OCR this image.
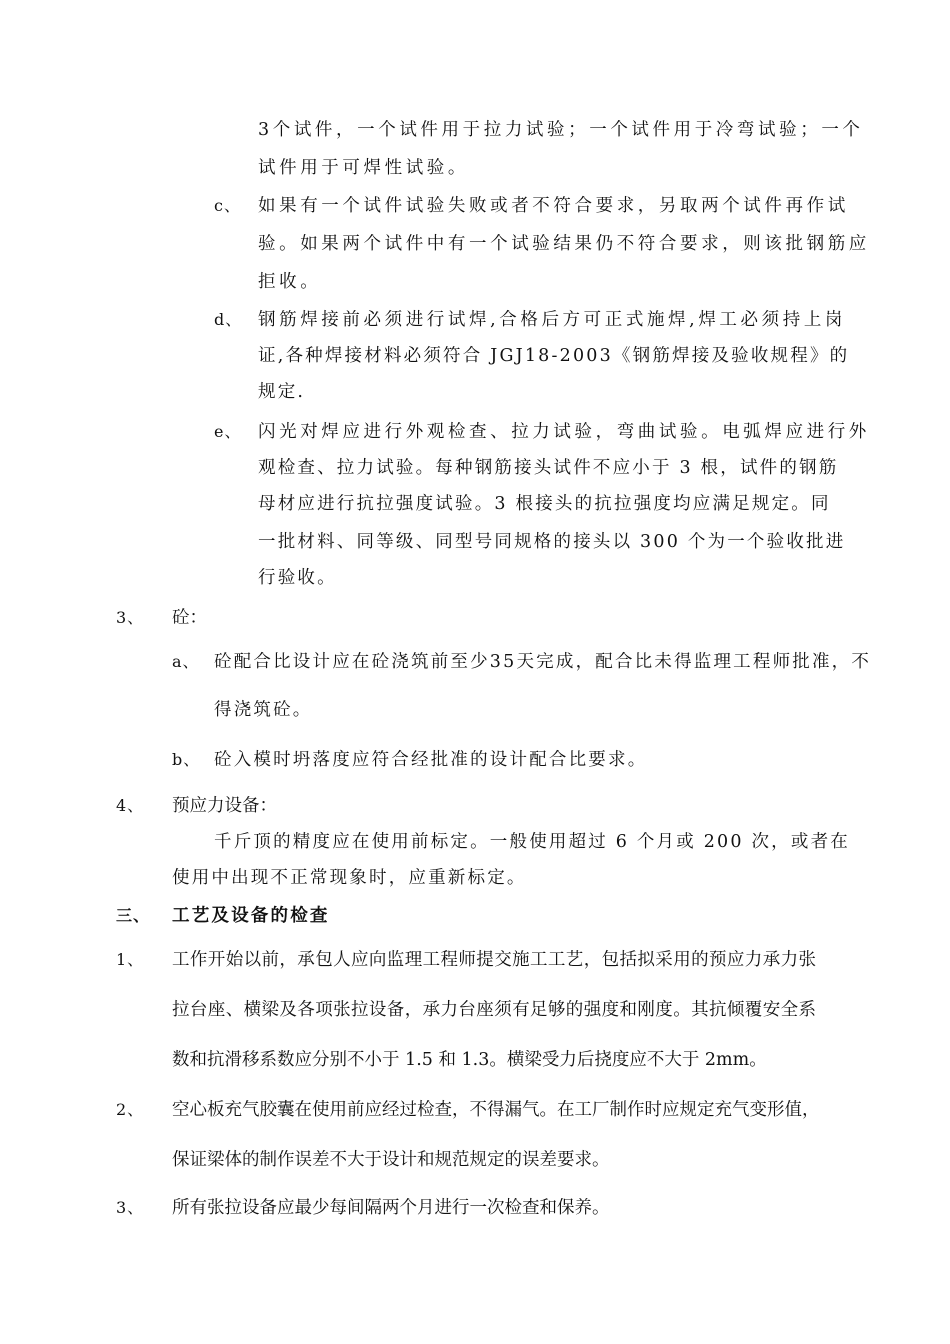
3个试件，一个试件用于拉力试验；一个试件用于冷弯试验；一个
试件用于可焊性试验。
c、 如果有一个试件试验失败或者不符合要求，另取两个试件再作试
验。如果两个试件中有一个试验结果仍不符合要求，则该批钢筋应
拒收。
d、 钢筋焊接前必须进行试焊,合格后方可正式施焊,焊工必须持上岗
证,各种焊接材料必须符合 JGJ18-2003《钢筋焊接及验收规程》的
规定.
e、 闪光对焊应进行外观检查、拉力试验，弯曲试验。电弧焊应进行外
观检查、拉力试验。每种钢筋接头试件不应小于 3 根，试件的钢筋
母材应进行抗拉强度试验。3 根接头的抗拉强度均应满足规定。同
一批材料、同等级、同型号同规格的接头以 300 个为一个验收批进
行验收。
3、 砼：
a、 砼配合比设计应在砼浇筑前至少35天完成，配合比未得监理工程师批准，不
得浇筑砼。
b、 砼入模时坍落度应符合经批准的设计配合比要求。
4、 预应力设备：
千斤顶的精度应在使用前标定。一般使用超过 6 个月或 200 次，或者在
使用中出现不正常现象时，应重新标定。
三、 工艺及设备的检查
1、 工作开始以前，承包人应向监理工程师提交施工工艺，包括拟采用的预应力承力张
拉台座、横梁及各项张拉设备，承力台座须有足够的强度和刚度。其抗倾覆安全系
数和抗滑移系数应分别不小于 1.5 和 1.3。横梁受力后挠度应不大于 2mm。
2、 空心板充气胶囊在使用前应经过检查，不得漏气。在工厂制作时应规定充气变形值，
保证梁体的制作误差不大于设计和规范规定的误差要求。
3、 所有张拉设备应最少每间隔两个月进行一次检查和保养。
